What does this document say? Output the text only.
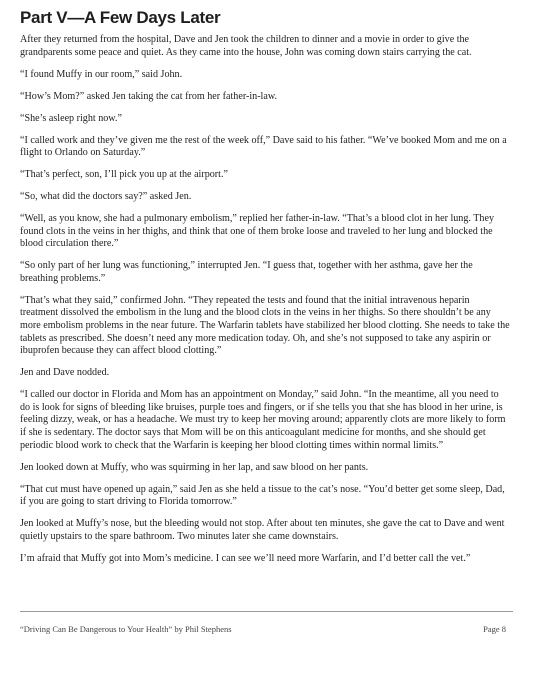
Part V—A Few Days Later

After they returned from the hospital, Dave and Jen took the children to dinner and a movie in order to give the grandparents some peace and quiet. As they came into the house, John was coming down stairs carrying the cat.

“I found Muffy in our room,” said John.

“How’s Mom?” asked Jen taking the cat from her father-in-law.

“She’s asleep right now.”

“I called work and they’ve given me the rest of the week off,” Dave said to his father. “We’ve booked Mom and me on a flight to Orlando on Saturday.”

“That’s perfect, son, I’ll pick you up at the airport.”

“So, what did the doctors say?” asked Jen.

“Well, as you know, she had a pulmonary embolism,” replied her father-in-law. “That’s a blood clot in her lung. They found clots in the veins in her thighs, and think that one of them broke loose and traveled to her lung and blocked the blood circulation there.”

“So only part of her lung was functioning,” interrupted Jen. “I guess that, together with her asthma, gave her the breathing problems.”

“That’s what they said,” confirmed John. “They repeated the tests and found that the initial intravenous heparin treatment dissolved the embolism in the lung and the blood clots in the veins in her thighs. So there shouldn’t be any more embolism problems in the near future. The Warfarin tablets have stabilized her blood clotting. She needs to take the tablets as prescribed. She doesn’t need any more medication today. Oh, and she’s not supposed to take any aspirin or ibuprofen because they can affect blood clotting.”

Jen and Dave nodded.

“I called our doctor in Florida and Mom has an appointment on Monday,” said John. “In the meantime, all you need to do is look for signs of bleeding like bruises, purple toes and fingers, or if she tells you that she has blood in her urine, is feeling dizzy, weak, or has a headache. We must try to keep her moving around; apparently clots are more likely to form if she is sedentary. The doctor says that Mom will be on this anticoagulant medicine for months, and she should get periodic blood work to check that the Warfarin is keeping her blood clotting times within normal limits.”

Jen looked down at Muffy, who was squirming in her lap, and saw blood on her pants.

“That cut must have opened up again,” said Jen as she held a tissue to the cat’s nose. “You’d better get some sleep, Dad, if you are going to start driving to Florida tomorrow.”

Jen looked at Muffy’s nose, but the bleeding would not stop. After about ten minutes, she gave the cat to Dave and went quietly upstairs to the spare bathroom. Two minutes later she came downstairs.

I’m afraid that Muffy got into Mom’s medicine. I can see we’ll need more Warfarin, and I’d better call the vet.”

“Driving Can Be Dangerous to Your Health” by Phil Stephens	Page 8
